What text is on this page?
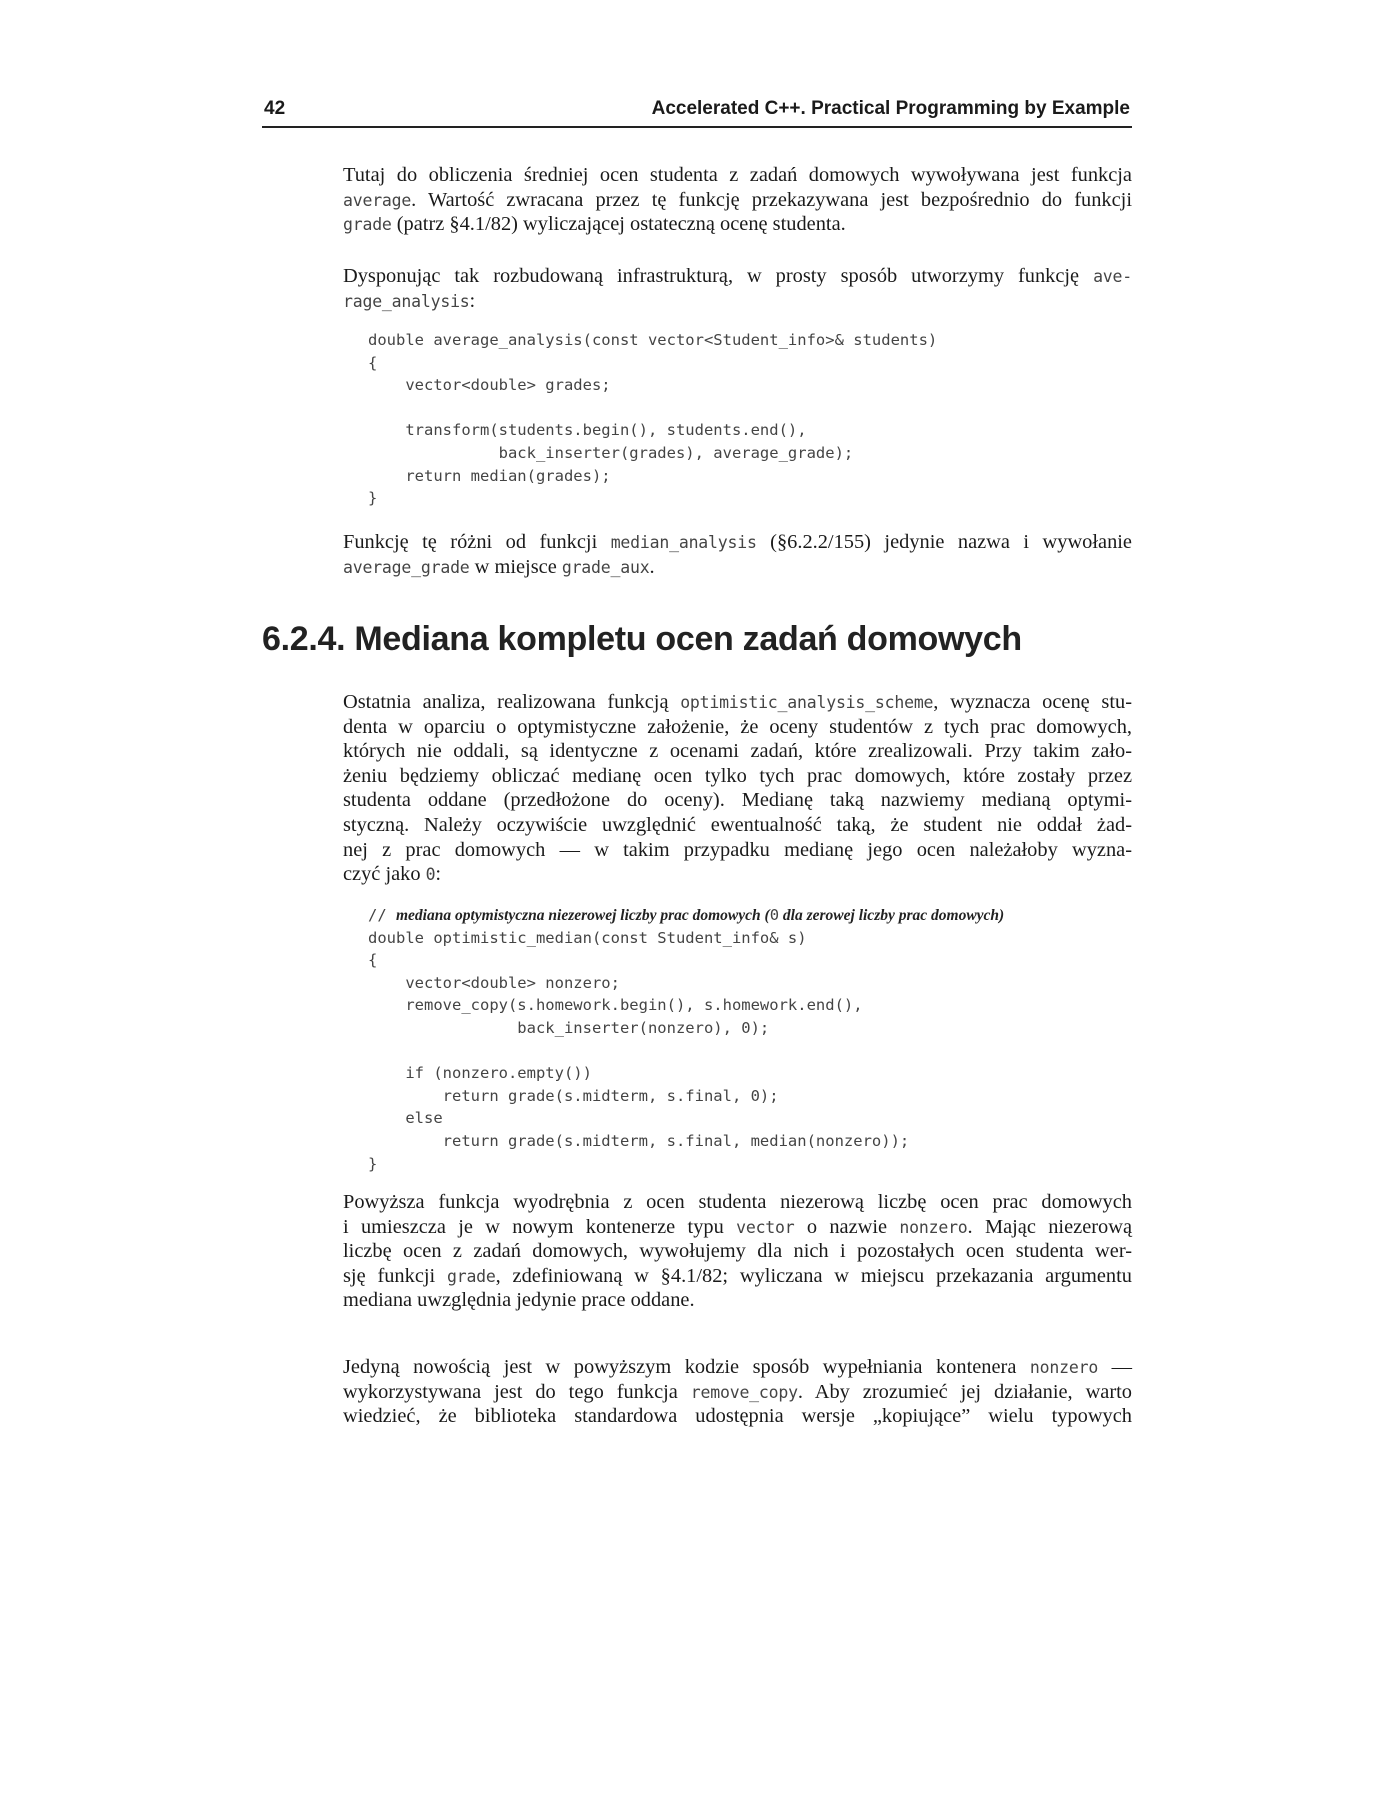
42	Accelerated C++. Practical Programming by Example
Tutaj do obliczenia średniej ocen studenta z zadań domowych wywoływana jest funkcja
average. Wartość zwracana przez tę funkcję przekazywana jest bezpośrednio do funkcji
grade (patrz §4.1/82) wyliczającej ostateczną ocenę studenta.
Dysponując tak rozbudowaną infrastrukturą, w prosty sposób utworzymy funkcję ave-
rage_analysis:
double average_analysis(const vector<Student_info>& students)
{
vector<double> grades;

transform(students.begin(), students.end(),
back_inserter(grades), average_grade);
return median(grades);
}
Funkcję tę różni od funkcji median_analysis (§6.2.2/155) jedynie nazwa i wywołanie
average_grade w miejsce grade_aux.
6.2.4. Mediana kompletu ocen zadań domowych
Ostatnia analiza, realizowana funkcją optimistic_analysis_scheme, wyznacza ocenę stu-
denta w oparciu o optymistyczne założenie, że oceny studentów z tych prac domowych,
których nie oddali, są identyczne z ocenami zadań, które zrealizowali. Przy takim zało-
żeniu będziemy obliczać medianę ocen tylko tych prac domowych, które zostały przez
studenta oddane (przedłożone do oceny). Medianę taką nazwiemy medianą optymi-
styczną. Należy oczywiście uwzględnić ewentualność taką, że student nie oddał żad-
nej z prac domowych — w takim przypadku medianę jego ocen należałoby wyzna-
czyć jako 0:
// mediana optymistyczna niezerowej liczby prac domowych (0 dla zerowej liczby prac domowych)
double optimistic_median(const Student_info& s)
{
vector<double> nonzero;
remove_copy(s.homework.begin(), s.homework.end(),
back_inserter(nonzero), 0);

if (nonzero.empty())
return grade(s.midterm, s.final, 0);
else
return grade(s.midterm, s.final, median(nonzero));
}
Powyższa funkcja wyodrębnia z ocen studenta niezerową liczbę ocen prac domowych
i umieszcza je w nowym kontenerze typu vector o nazwie nonzero. Mając niezerową
liczbę ocen z zadań domowych, wywołujemy dla nich i pozostałych ocen studenta wer-
sję funkcji grade, zdefiniowaną w §4.1/82; wyliczana w miejscu przekazania argumentu
mediana uwzględnia jedynie prace oddane.
Jedyną nowością jest w powyższym kodzie sposób wypełniania kontenera nonzero —
wykorzystywana jest do tego funkcja remove_copy. Aby zrozumieć jej działanie, warto
wiedzieć, że biblioteka standardowa udostępnia wersje „kopiujące” wielu typowych
